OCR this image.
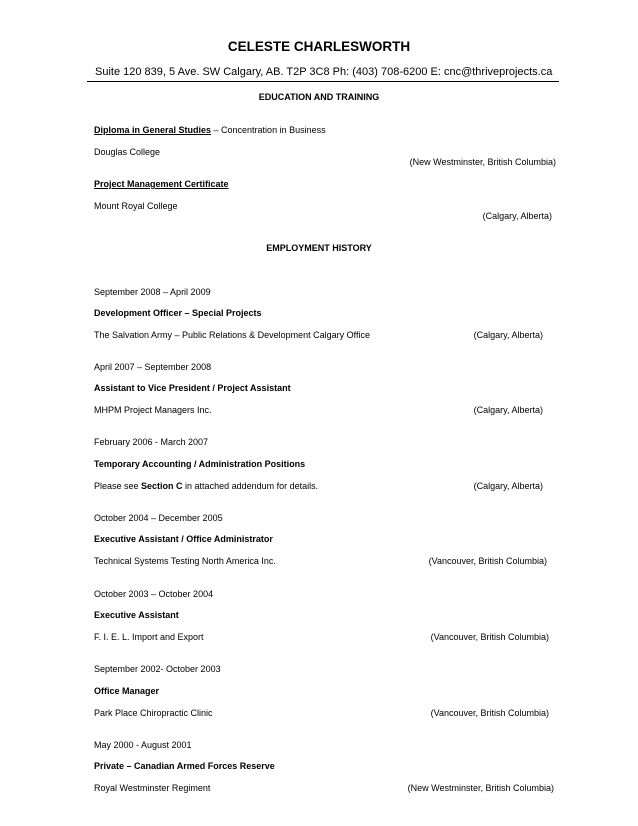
CELESTE CHARLESWORTH
Suite 120 839, 5 Ave. SW Calgary, AB. T2P 3C8 Ph: (403) 708-6200 E: cnc@thriveprojects.ca
EDUCATION AND TRAINING
Diploma in General Studies – Concentration in Business
Douglas College
(New Westminster, British Columbia)
Project Management Certificate
Mount Royal College
(Calgary, Alberta)
EMPLOYMENT HISTORY
September 2008 – April 2009
Development Officer – Special Projects
The Salvation Army – Public Relations & Development Calgary Office	(Calgary, Alberta)
April 2007 – September 2008
Assistant to Vice President / Project Assistant
MHPM Project Managers Inc.	(Calgary, Alberta)
February 2006 - March 2007
Temporary Accounting / Administration Positions
Please see Section C in attached addendum for details.	(Calgary, Alberta)
October 2004 – December 2005
Executive Assistant / Office Administrator
Technical Systems Testing North America Inc.	(Vancouver, British Columbia)
October 2003 – October 2004
Executive Assistant
F. I. E. L. Import and Export	(Vancouver, British Columbia)
September 2002- October 2003
Office Manager
Park Place Chiropractic Clinic	(Vancouver, British Columbia)
May 2000 - August 2001
Private – Canadian Armed Forces Reserve
Royal Westminster Regiment	(New Westminster, British Columbia)
